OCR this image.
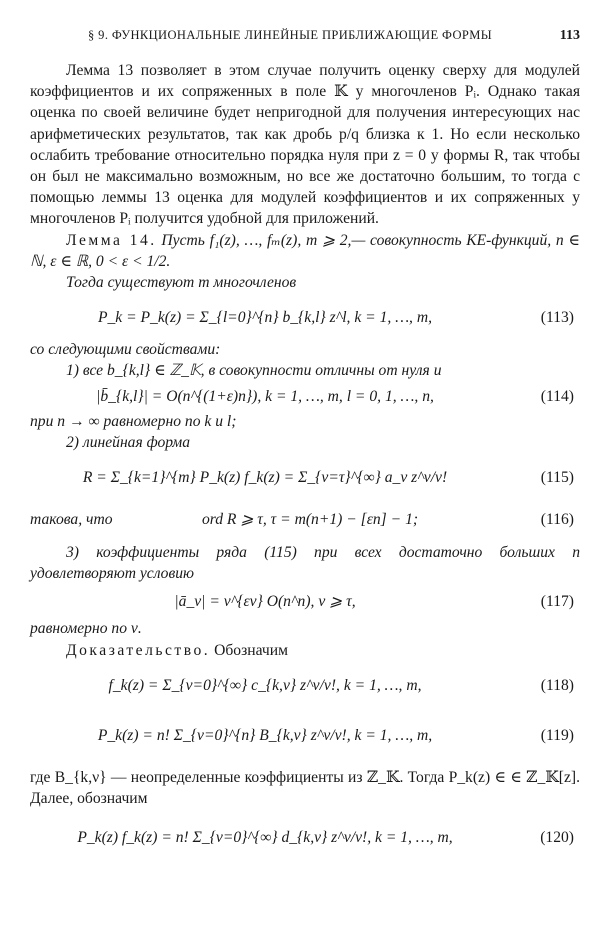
§ 9. ФУНКЦИОНАЛЬНЫЕ ЛИНЕЙНЫЕ ПРИБЛИЖАЮЩИЕ ФОРМЫ	113

Лемма 13 позволяет в этом случае получить оценку сверху для модулей коэффициентов и их сопряженных в поле 𝕂 у многочленов Pᵢ. Однако такая оценка по своей величине будет непригодной для получения интересующих нас арифметических результатов, так как дробь p/q близка к 1. Но если несколько ослабить требование относительно порядка нуля при z = 0 у формы R, так чтобы он был не максимально возможным, но все же достаточно большим, то тогда с помощью леммы 13 оценка для модулей коэффициентов и их сопряженных у многочленов Pᵢ получится удобной для приложений.

Лемма 14. Пусть f₁(z), …, fₘ(z), m ⩾ 2,— совокупность КЕ-функций, n ∈ ℕ, ε ∈ ℝ, 0 < ε < 1/2.

Тогда существуют m многочленов

P_k = P_k(z) = Σ_{l=0}^{n} b_{k,l} z^l, k = 1, …, m,	(113)

со следующими свойствами:

1) все b_{k,l} ∈ ℤ_𝕂, в совокупности отличны от нуля и

|b̄_{k,l}| = O(n^{(1+ε)n}), k = 1, …, m, l = 0, 1, …, n,	(114)

при n → ∞ равномерно по k и l;

2) линейная форма

R = Σ_{k=1}^{m} P_k(z) f_k(z) = Σ_{ν=τ}^{∞} a_ν z^ν/ν!	(115)
такова, что	ord R ⩾ τ, τ = m(n+1) − [εn] − 1;	(116)

3) коэффициенты ряда (115) при всех достаточно больших n удовлетворяют условию

|ā_ν| = ν^{εν} O(n^n), ν ⩾ τ,	(117)

равномерно по ν.

Доказательство. Обозначим

f_k(z) = Σ_{ν=0}^{∞} c_{k,ν} z^ν/ν!, k = 1, …, m,	(118)
P_k(z) = n! Σ_{ν=0}^{n} B_{k,ν} z^ν/ν!, k = 1, …, m,	(119)

где B_{k,ν} — неопределенные коэффициенты из ℤ_𝕂. Тогда P_k(z) ∈ ∈ ℤ_𝕂[z]. Далее, обозначим

P_k(z) f_k(z) = n! Σ_{ν=0}^{∞} d_{k,ν} z^ν/ν!, k = 1, …, m,	(120)
